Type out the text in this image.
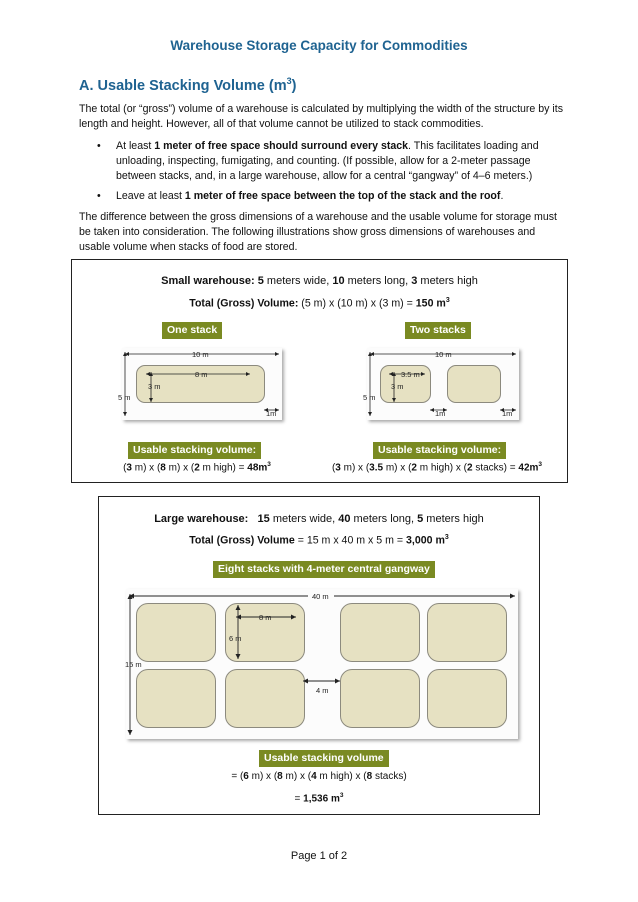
Warehouse Storage Capacity for Commodities
A. Usable Stacking Volume $(m^3)$
The total (or “gross”) volume of a warehouse is calculated by multiplying the width of the structure by its length and height. However, all of that volume cannot be utilized to stack commodities.
• At least 1 meter of free space should surround every stack. This facilitates loading and unloading, inspecting, fumigating, and counting. (If possible, allow for a 2-meter passage between stacks, and, in a large warehouse, allow for a central “gangway” of 4–6 meters.)
• Leave at least 1 meter of free space between the top of the stack and the roof.
The difference between the gross dimensions of a warehouse and the usable volume for storage must be taken into consideration. The following illustrations show gross dimensions of warehouses and usable volume when stacks of food are stored.
Small warehouse: 5 meters wide, 10 meters long, 3 meters high
Total (Gross) Volume: (5 m) x (10 m) x (3 m) = 150 $m^3$
One stack	Two stacks
10 m
5 m
8 m
3 m
1m
10 m
5 m
3.5 m
3 m
1m	1m
Usable stacking volume:	Usable stacking volume:
(3 m) x (8 m) x (2 m high) = $48m^3$	(3 m) x (3.5 m) x (2 m high) x (2 stacks) = $42m^3$
Large warehouse: 15 meters wide, 40 meters long, 5 meters high
Total (Gross) Volume = 15 m x 40 m x 5 m = 3,000 $m^3$
Eight stacks with 4-meter central gangway
40 m
15 m
8 m
6 m
4 m
Usable stacking volume
= (6 m) x (8 m) x (4 m high) x (8 stacks)
= 1,536 $m^3$
Page 1 of 2
